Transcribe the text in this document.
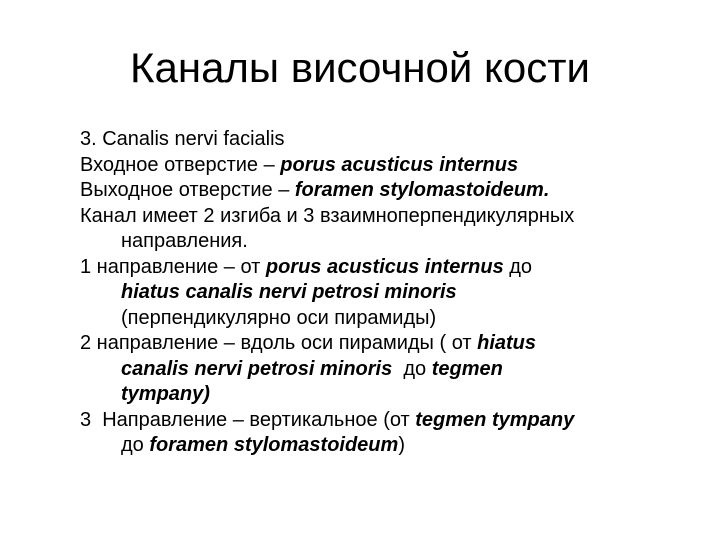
Каналы височной кости
3. Canalis nervi facialis
Входное отверстие – porus acusticus internus
Выходное отверстие – foramen stylomastoideum.
Канал имеет 2 изгиба и 3 взаимноперпендикулярных
направления.
1 направление – от porus acusticus internus до
hiatus canalis nervi petrosi minoris
(перпендикулярно оси пирамиды)
2 направление – вдоль оси пирамиды ( от hiatus
canalis nervi petrosi minoris  до tegmen
tympany)
3  Направление – вертикальное (от tegmen tympany
до foramen stylomastoideum)
